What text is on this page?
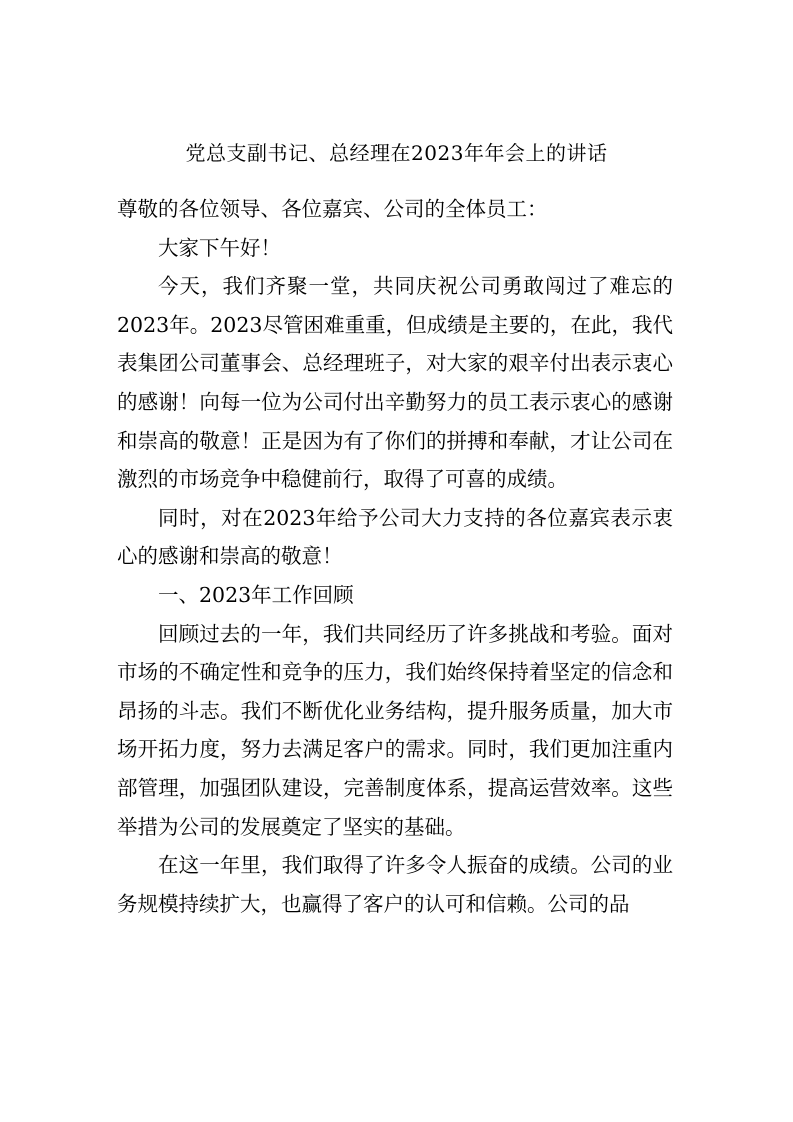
党总支副书记、总经理在2023年年会上的讲话

尊敬的各位领导、各位嘉宾、公司的全体员工：

大家下午好！

今天，我们齐聚一堂，共同庆祝公司勇敢闯过了难忘的2023年。2023尽管困难重重，但成绩是主要的，在此，我代表集团公司董事会、总经理班子，对大家的艰辛付出表示衷心的感谢！向每一位为公司付出辛勤努力的员工表示衷心的感谢和崇高的敬意！正是因为有了你们的拼搏和奉献，才让公司在激烈的市场竞争中稳健前行，取得了可喜的成绩。

同时，对在2023年给予公司大力支持的各位嘉宾表示衷心的感谢和崇高的敬意！

一、2023年工作回顾

回顾过去的一年，我们共同经历了许多挑战和考验。面对市场的不确定性和竞争的压力，我们始终保持着坚定的信念和昂扬的斗志。我们不断优化业务结构，提升服务质量，加大市场开拓力度，努力去满足客户的需求。同时，我们更加注重内部管理，加强团队建设，完善制度体系，提高运营效率。这些举措为公司的发展奠定了坚实的基础。

在这一年里，我们取得了许多令人振奋的成绩。公司的业务规模持续扩大，也赢得了客户的认可和信赖。公司的品
